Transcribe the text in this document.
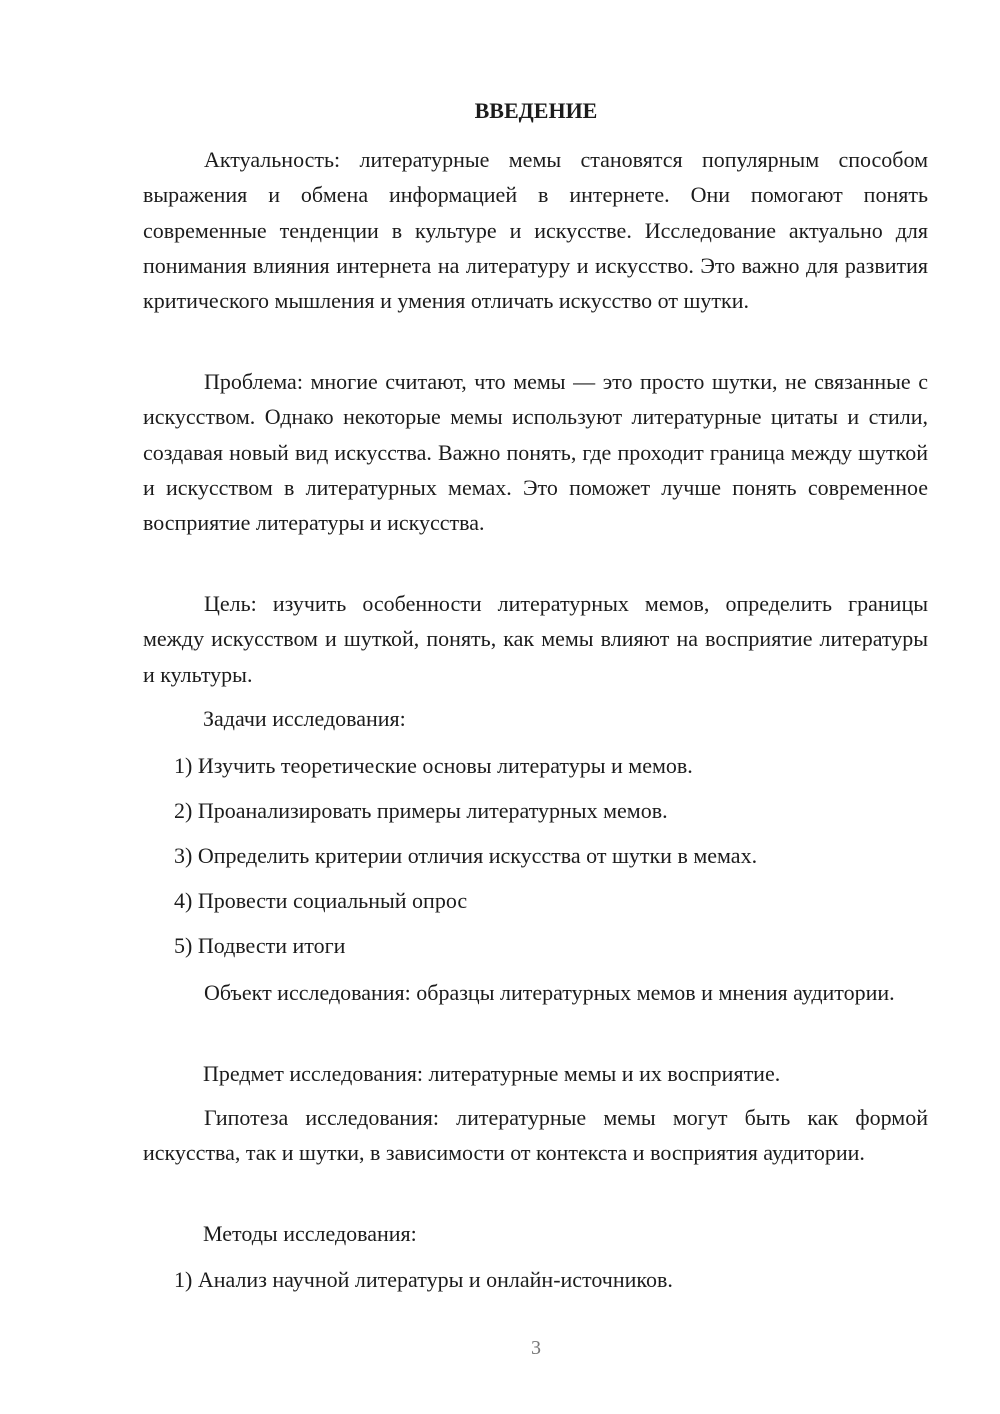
ВВЕДЕНИЕ

Актуальность: литературные мемы становятся популярным способом выражения и обмена информацией в интернете. Они помогают понять современные тенденции в культуре и искусстве. Исследование актуально для понимания влияния интернета на литературу и искусство. Это важно для развития критического мышления и умения отличать искусство от шутки.

Проблема: многие считают, что мемы — это просто шутки, не связанные с искусством. Однако некоторые мемы используют литературные цитаты и стили, создавая новый вид искусства. Важно понять, где проходит граница между шуткой и искусством в литературных мемах. Это поможет лучше понять современное восприятие литературы и искусства.

Цель: изучить особенности литературных мемов, определить границы между искусством и шуткой, понять, как мемы влияют на восприятие литературы и культуры.

Задачи исследования:

1) Изучить теоретические основы литературы и мемов.

2) Проанализировать примеры литературных мемов.

3) Определить критерии отличия искусства от шутки в мемах.

4) Провести социальный опрос

5) Подвести итоги

Объект исследования: образцы литературных мемов и мнения аудитории.

Предмет исследования: литературные мемы и их восприятие.

Гипотеза исследования: литературные мемы могут быть как формой искусства, так и шутки, в зависимости от контекста и восприятия аудитории.

Методы исследования:

1) Анализ научной литературы и онлайн-источников.

3
